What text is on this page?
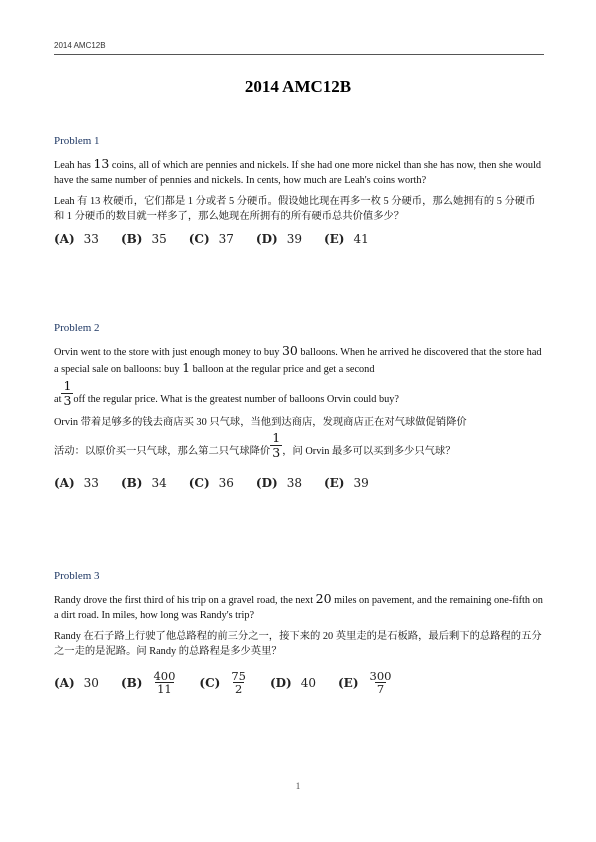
2014 AMC12B
2014 AMC12B
Problem 1

Leah has 13 coins, all of which are pennies and nickels. If she had one more nickel than she has now, then she would have the same number of pennies and nickels. In cents, how much are Leah's coins worth?

Leah 有 13 枚硬币，它们都是 1 分或者 5 分硬币。假设她比现在再多一枚 5 分硬币，那么她拥有的 5 分硬币和 1 分硬币的数目就一样多了，那么她现在所拥有的所有硬币总共价值多少？

(A) 33 (B) 35 (C) 37 (D) 39 (E) 41
Problem 2

Orvin went to the store with just enough money to buy 30 balloons. When he arrived he discovered that the store had a special sale on balloons: buy 1 balloon at the regular price and get a second

at $\frac{1}{3}$ off the regular price. What is the greatest number of balloons Orvin could buy?

Orvin 带着足够多的钱去商店买 30 只气球，当他到达商店，发现商店正在对气球做促销降价

活动：以原价买一只气球，那么第二只气球降价 $\frac{1}{3}$ ，问 Orvin 最多可以买到多少只气球？
(A) 33 (B) 34 (C) 36 (D) 38 (E) 39
Problem 3

Randy drove the first third of his trip on a gravel road, the next 20 miles on pavement, and the remaining one-fifth on a dirt road. In miles, how long was Randy's trip?

Randy 在石子路上行驶了他总路程的前三分之一，接下来的 20 英里走的是石板路，最后剩下的总路程的五分之一走的是泥路。问 Randy 的总路程是多少英里？

(A) 30 $(B) \frac{400}{11} (C) \frac{75}{2} (D)$ 40 $(E) \frac{300}{7}$
1
